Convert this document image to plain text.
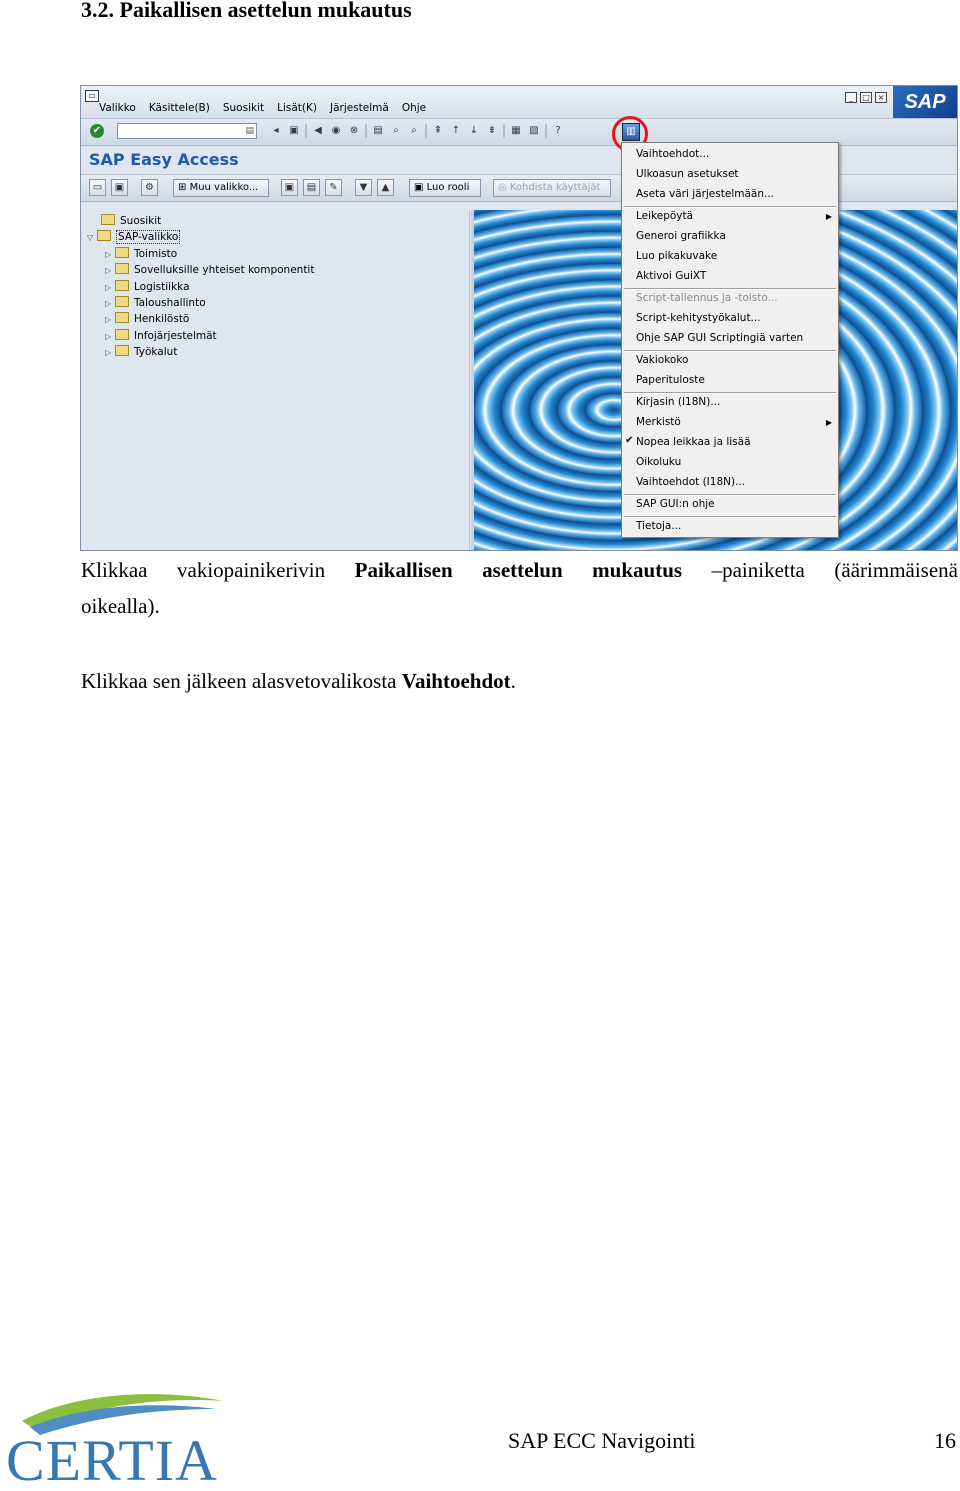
3.2. Paikallisen asettelun mukautus
▭
Valikko Käsittele(B) Suosikit Lisät(K) Järjestelmä Ohje
_	□ ×	SAP
✔	▤	◂	▣	◀ ◉ ⊗ ▤	⌕	⌕	⇞ ↑ ↓ ⇟ ▦ ▧	?	▥
SAP Easy Access
▭	▣	⚙	⊞ Muu valikko...	▣	▤	✎	▼	▲	▣ Luo rooli	◎ Kohdista käyttäjät
Suosikit
▽ SAP-valikko
▷ Toimisto
▷ Sovelluksille yhteiset komponentit
▷ Logistiikka
▷ Taloushallinto
▷ Henkilöstö
▷ Infojärjestelmät
▷ Työkalut
Vaihtoehdot...
Ulkoasun asetukset
Aseta väri järjestelmään...
Leikepöytä	▶
Generoi grafiikka
Luo pikakuvake
Aktivoi GuiXT
Script-tallennus ja -toisto...
Script-kehitystyökalut...
Ohje SAP GUI Scriptingiä varten
Vakiokoko
Paperituloste
Kirjasin (I18N)...
Merkistö	▶
✔ Nopea leikkaa ja lisää
Oikoluku
Vaihtoehdot (I18N)...
SAP GUI:n ohje
Tietoja...
Klikkaa vakiopainikerivin Paikallisen asettelun mukautus –painiketta (äärimmäisenä
oikealla).
Klikkaa sen jälkeen alasvetovalikosta Vaihtoehdot.
CERTIA	SAP ECC Navigointi	16
